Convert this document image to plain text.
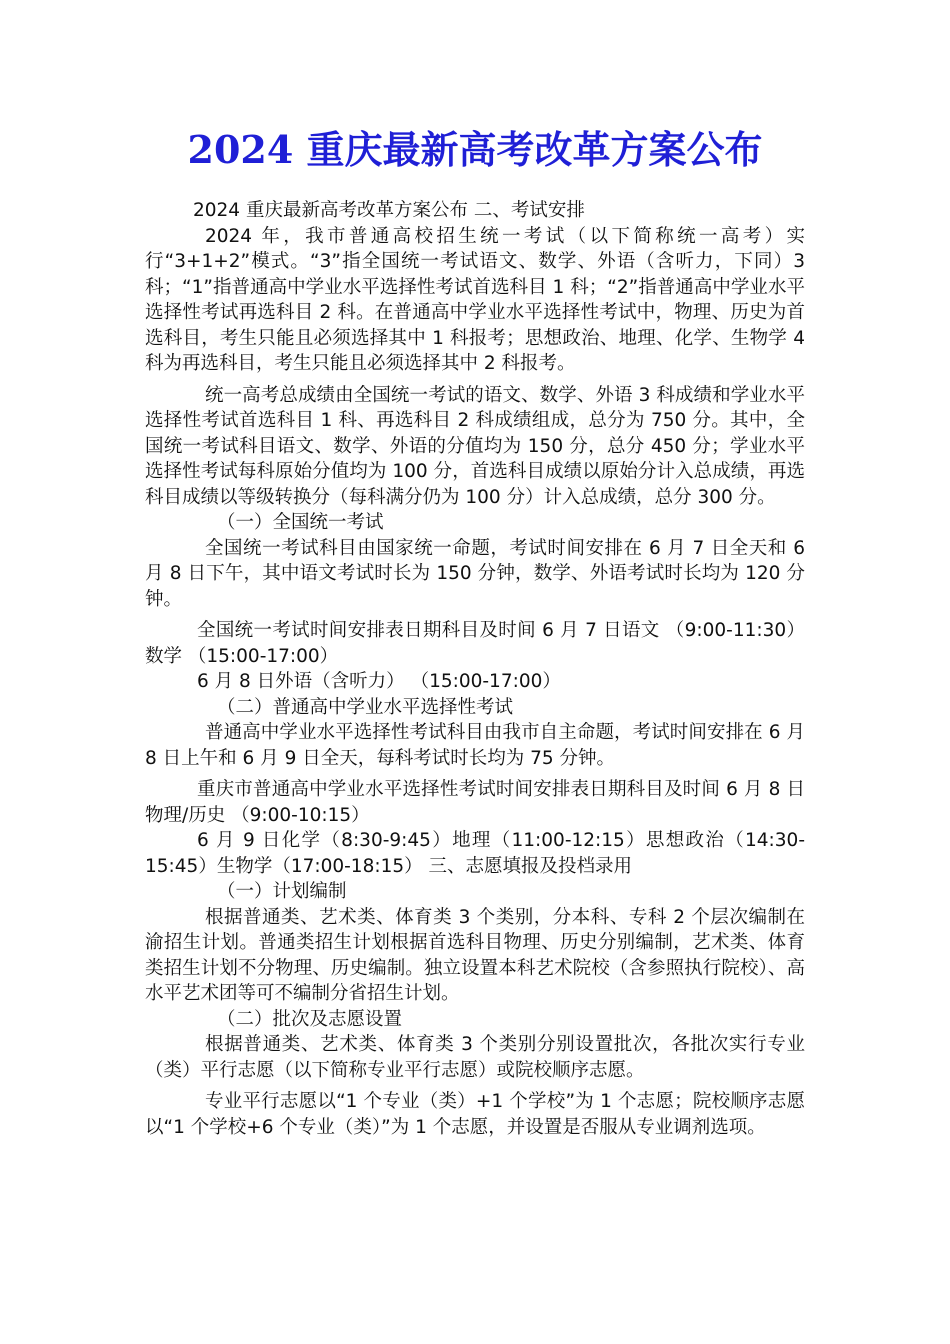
2024 重庆最新高考改革方案公布

2024 重庆最新高考改革方案公布 二、考试安排

2024 年，我市普通高校招生统一考试（以下简称统一高考）实行“3+1+2”模式。“3”指全国统一考试语文、数学、外语（含听力，下同）3 科；“1”指普通高中学业水平选择性考试首选科目 1 科；“2”指普通高中学业水平选择性考试再选科目 2 科。在普通高中学业水平选择性考试中，物理、历史为首选科目，考生只能且必须选择其中 1 科报考；思想政治、地理、化学、生物学 4 科为再选科目，考生只能且必须选择其中 2 科报考。

统一高考总成绩由全国统一考试的语文、数学、外语 3 科成绩和学业水平选择性考试首选科目 1 科、再选科目 2 科成绩组成，总分为 750 分。其中，全国统一考试科目语文、数学、外语的分值均为 150 分，总分 450 分；学业水平选择性考试每科原始分值均为 100 分，首选科目成绩以原始分计入总成绩，再选科目成绩以等级转换分（每科满分仍为 100 分）计入总成绩，总分 300 分。

（一）全国统一考试

全国统一考试科目由国家统一命题，考试时间安排在 6 月 7 日全天和 6 月 8 日下午，其中语文考试时长为 150 分钟，数学、外语考试时长均为 120 分钟。

全国统一考试时间安排表日期科目及时间 6 月 7 日语文 （9:00-11:30）数学 （15:00-17:00）

6 月 8 日外语（含听力） （15:00-17:00）

（二）普通高中学业水平选择性考试

普通高中学业水平选择性考试科目由我市自主命题，考试时间安排在 6 月 8 日上午和 6 月 9 日全天，每科考试时长均为 75 分钟。

重庆市普通高中学业水平选择性考试时间安排表日期科目及时间 6 月 8 日物理/历史 （9:00-10:15）

6 月 9 日化学（8:30-9:45）地理（11:00-12:15）思想政治（14:30-15:45）生物学（17:00-18:15） 三、志愿填报及投档录用

（一）计划编制

根据普通类、艺术类、体育类 3 个类别，分本科、专科 2 个层次编制在渝招生计划。普通类招生计划根据首选科目物理、历史分别编制，艺术类、体育类招生计划不分物理、历史编制。独立设置本科艺术院校（含参照执行院校）、高水平艺术团等可不编制分省招生计划。

（二）批次及志愿设置

根据普通类、艺术类、体育类 3 个类别分别设置批次，各批次实行专业（类）平行志愿（以下简称专业平行志愿）或院校顺序志愿。

专业平行志愿以“1 个专业（类）+1 个学校”为 1 个志愿；院校顺序志愿以“1 个学校+6 个专业（类）”为 1 个志愿，并设置是否服从专业调剂选项。
